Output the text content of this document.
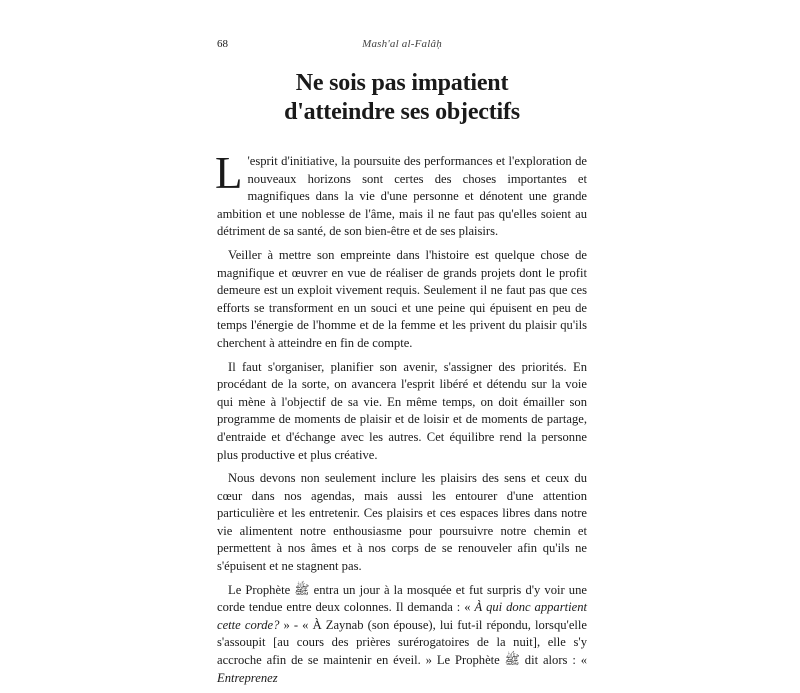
68	Mash'al al-Falâḥ
Ne sois pas impatient
d'atteindre ses objectifs

L 'esprit d'initiative, la poursuite des performances et l'exploration de nouveaux horizons sont certes des choses importantes et magnifiques dans la vie d'une personne et dénotent une grande ambition et une noblesse de l'âme, mais il ne faut pas qu'elles soient au détriment de sa santé, de son bien-être et de ses plaisirs.

Veiller à mettre son empreinte dans l'histoire est quelque chose de magnifique et œuvrer en vue de réaliser de grands projets dont le profit demeure est un exploit vivement requis. Seulement il ne faut pas que ces efforts se transforment en un souci et une peine qui épuisent en peu de temps l'énergie de l'homme et de la femme et les privent du plaisir qu'ils cherchent à atteindre en fin de compte.

Il faut s'organiser, planifier son avenir, s'assigner des priorités. En procédant de la sorte, on avancera l'esprit libéré et détendu sur la voie qui mène à l'objectif de sa vie. En même temps, on doit émailler son programme de moments de plaisir et de loisir et de moments de partage, d'entraide et d'échange avec les autres. Cet équilibre rend la personne plus productive et plus créative.

Nous devons non seulement inclure les plaisirs des sens et ceux du cœur dans nos agendas, mais aussi les entourer d'une attention particulière et les entretenir. Ces plaisirs et ces espaces libres dans notre vie alimentent notre enthousiasme pour poursuivre notre chemin et permettent à nos âmes et à nos corps de se renouveler afin qu'ils ne s'épuisent et ne stagnent pas.

Le Prophète ﷺ entra un jour à la mosquée et fut surpris d'y voir une corde tendue entre deux colonnes. Il demanda : « À qui donc appartient cette corde? » - « À Zaynab (son épouse), lui fut-il répondu, lorsqu'elle s'assoupit [au cours des prières surérogatoires de la nuit], elle s'y accroche afin de se maintenir en éveil. » Le Prophète ﷺ dit alors : « Entreprenez
